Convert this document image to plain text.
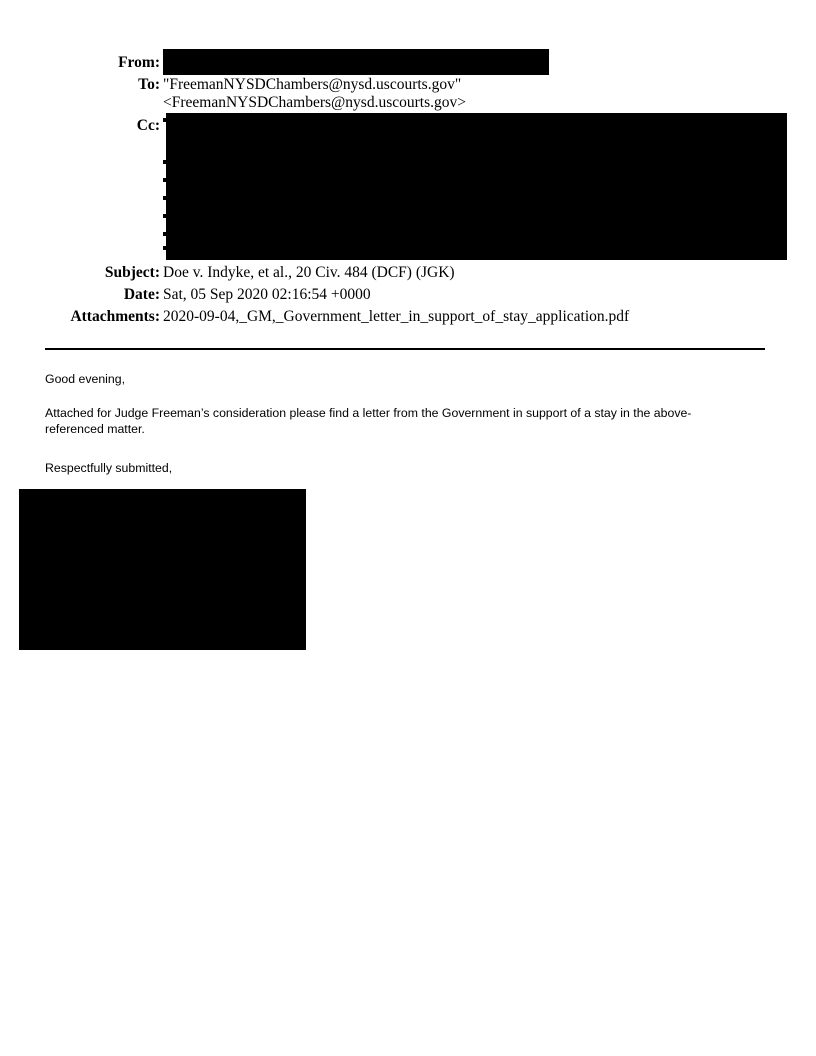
From:
To: "FreemanNYSDChambers@nysd.uscourts.gov"
<FreemanNYSDChambers@nysd.uscourts.gov>
Cc:
Subject: Doe v. Indyke, et al., 20 Civ. 484 (DCF) (JGK)
Date: Sat, 05 Sep 2020 02:16:54 +0000
Attachments: 2020-09-04,_GM,_Government_letter_in_support_of_stay_application.pdf
Good evening,
Attached for Judge Freeman’s consideration please find a letter from the Government in support of a stay in the above-
referenced matter.
Respectfully submitted,
